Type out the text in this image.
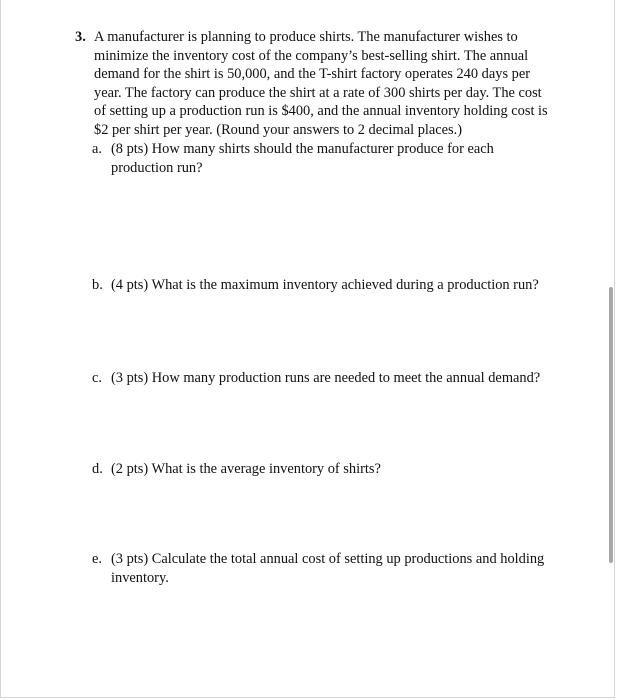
3. A manufacturer is planning to produce shirts. The manufacturer wishes to
minimize the inventory cost of the company’s best-selling shirt. The annual
demand for the shirt is 50,000, and the T-shirt factory operates 240 days per
year. The factory can produce the shirt at a rate of 300 shirts per day. The cost
of setting up a production run is $400, and the annual inventory holding cost is
$2 per shirt per year. (Round your answers to 2 decimal places.)
a. (8 pts) How many shirts should the manufacturer produce for each
production run?
b. (4 pts) What is the maximum inventory achieved during a production run?
c. (3 pts) How many production runs are needed to meet the annual demand?
d. (2 pts) What is the average inventory of shirts?
e. (3 pts) Calculate the total annual cost of setting up productions and holding
inventory.
